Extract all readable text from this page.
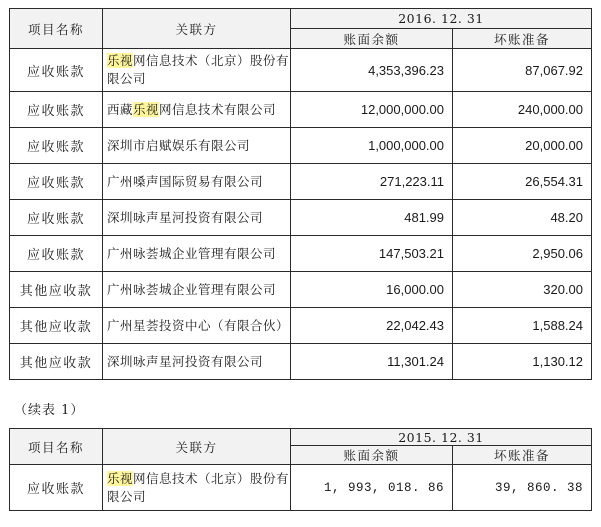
项目名称	关联方	2016. 12. 31	
		账面余额	坏账准备
应收账款	乐视网信息技术（北京）股份有限公司	4,353,396.23	87,067.92
应收账款	西藏乐视网信息技术有限公司	12,000,000.00	240,000.00
应收账款	深圳市启赋娱乐有限公司	1,000,000.00	20,000.00
应收账款	广州嗓声国际贸易有限公司	271,223.11	26,554.31
应收账款	深圳咏声星河投资有限公司	481.99	48.20
应收账款	广州咏荟城企业管理有限公司	147,503.21	2,950.06
其他应收款	广州咏荟城企业管理有限公司	16,000.00	320.00
其他应收款	广州星荟投资中心（有限合伙）	22,042.43	1,588.24
其他应收款	深圳咏声星河投资有限公司	11,301.24	1,130.12
（续表 1）
项目名称	关联方	2015. 12. 31	
		账面余额	坏账准备
应收账款	乐视网信息技术（北京）股份有限公司	1, 993, 018. 86	39, 860. 38
